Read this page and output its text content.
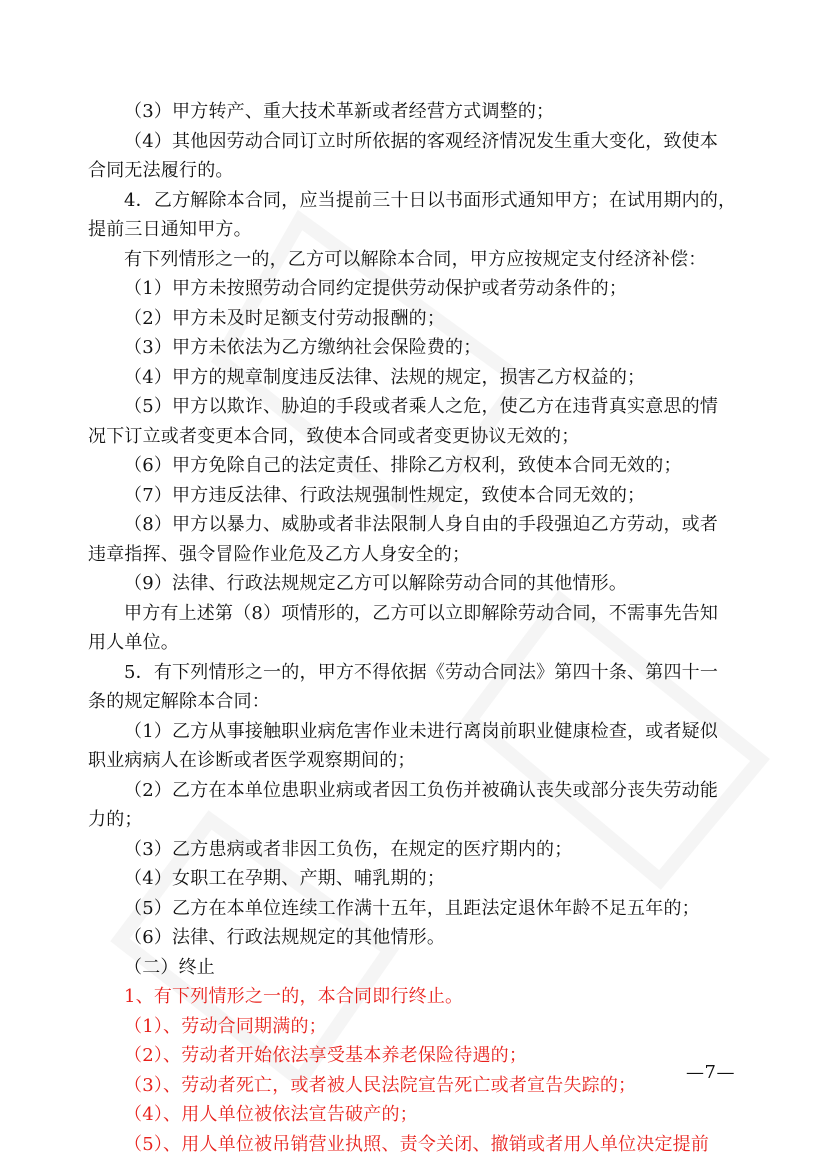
（3）甲方转产、重大技术革新或者经营方式调整的；

（4）其他因劳动合同订立时所依据的客观经济情况发生重大变化，致使本

合同无法履行的。

4．乙方解除本合同，应当提前三十日以书面形式通知甲方；在试用期内的，

提前三日通知甲方。

有下列情形之一的，乙方可以解除本合同，甲方应按规定支付经济补偿：

（1）甲方未按照劳动合同约定提供劳动保护或者劳动条件的；

（2）甲方未及时足额支付劳动报酬的；

（3）甲方未依法为乙方缴纳社会保险费的；

（4）甲方的规章制度违反法律、法规的规定，损害乙方权益的；

（5）甲方以欺诈、胁迫的手段或者乘人之危，使乙方在违背真实意思的情

况下订立或者变更本合同，致使本合同或者变更协议无效的；

（6）甲方免除自己的法定责任、排除乙方权利，致使本合同无效的；

（7）甲方违反法律、行政法规强制性规定，致使本合同无效的；

（8）甲方以暴力、威胁或者非法限制人身自由的手段强迫乙方劳动，或者

违章指挥、强令冒险作业危及乙方人身安全的；

（9）法律、行政法规规定乙方可以解除劳动合同的其他情形。

甲方有上述第（8）项情形的，乙方可以立即解除劳动合同，不需事先告知

用人单位。

5．有下列情形之一的，甲方不得依据《劳动合同法》第四十条、第四十一

条的规定解除本合同：

（1）乙方从事接触职业病危害作业未进行离岗前职业健康检查，或者疑似

职业病病人在诊断或者医学观察期间的；

（2）乙方在本单位患职业病或者因工负伤并被确认丧失或部分丧失劳动能

力的；

（3）乙方患病或者非因工负伤，在规定的医疗期内的；

（4）女职工在孕期、产期、哺乳期的；

（5）乙方在本单位连续工作满十五年，且距法定退休年龄不足五年的；

（6）法律、行政法规规定的其他情形。

（二）终止

1、有下列情形之一的，本合同即行终止。

（1）、劳动合同期满的；

（2）、劳动者开始依法享受基本养老保险待遇的；

（3）、劳动者死亡，或者被人民法院宣告死亡或者宣告失踪的；

（4）、用人单位被依法宣告破产的；

（5）、用人单位被吊销营业执照、责令关闭、撤销或者用人单位决定提前

—7—
